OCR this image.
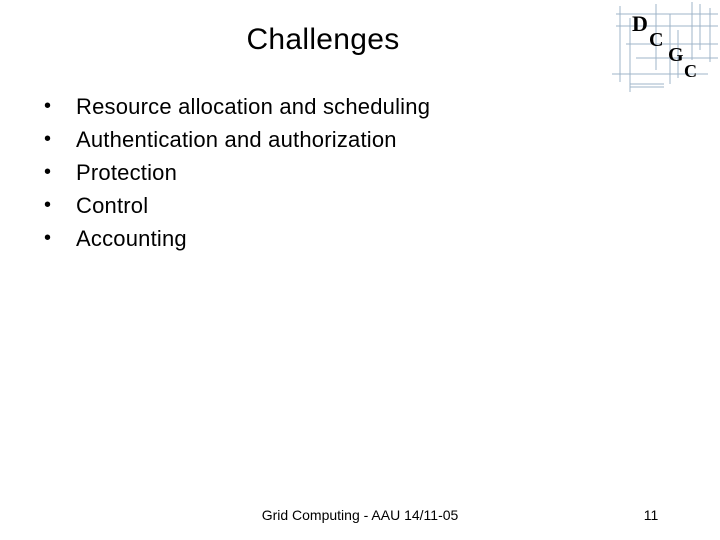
Challenges	D
C
G
C
• Resource allocation and scheduling
• Authentication and authorization
• Protection
• Control
• Accounting
Grid Computing - AAU 14/11-05	11
